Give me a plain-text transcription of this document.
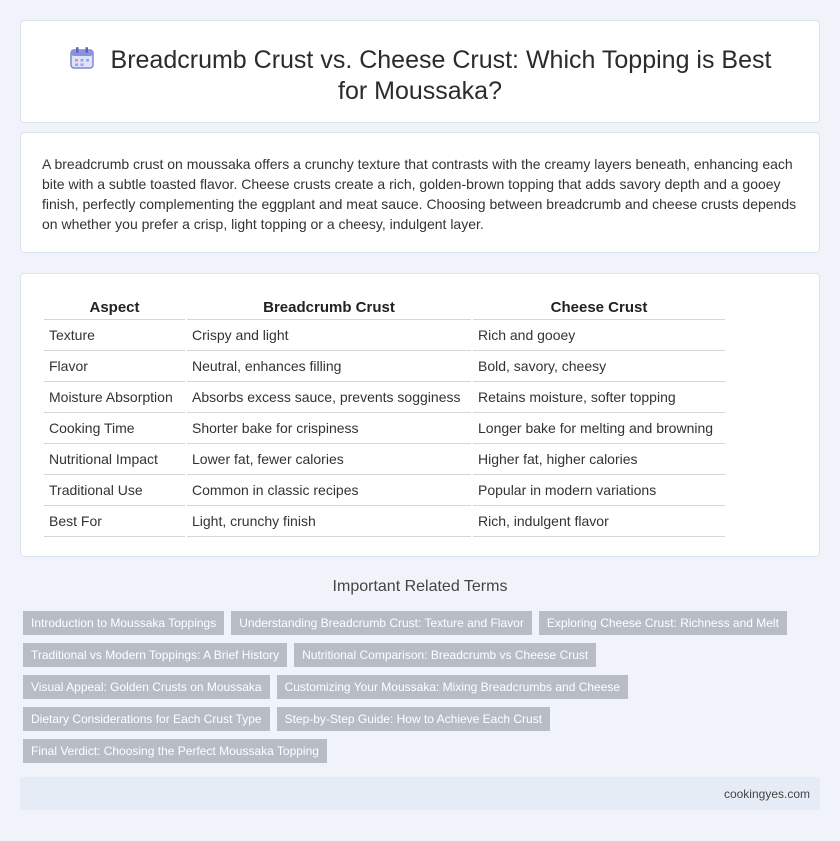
Breadcrumb Crust vs. Cheese Crust: Which Topping is Best for Moussaka?

A breadcrumb crust on moussaka offers a crunchy texture that contrasts with the creamy layers beneath, enhancing each bite with a subtle toasted flavor. Cheese crusts create a rich, golden-brown topping that adds savory depth and a gooey finish, perfectly complementing the eggplant and meat sauce. Choosing between breadcrumb and cheese crusts depends on whether you prefer a crisp, light topping or a cheesy, indulgent layer.

Aspect	Breadcrumb Crust	Cheese Crust
Texture	Crispy and light	Rich and gooey
Flavor	Neutral, enhances filling	Bold, savory, cheesy
Moisture Absorption	Absorbs excess sauce, prevents sogginess	Retains moisture, softer topping
Cooking Time	Shorter bake for crispiness	Longer bake for melting and browning
Nutritional Impact	Lower fat, fewer calories	Higher fat, higher calories
Traditional Use	Common in classic recipes	Popular in modern variations
Best For	Light, crunchy finish	Rich, indulgent flavor
Important Related Terms
Introduction to Moussaka Toppings	Understanding Breadcrumb Crust: Texture and Flavor	Exploring Cheese Crust: Richness and Melt
Traditional vs Modern Toppings: A Brief History	Nutritional Comparison: Breadcrumb vs Cheese Crust
Visual Appeal: Golden Crusts on Moussaka	Customizing Your Moussaka: Mixing Breadcrumbs and Cheese
Dietary Considerations for Each Crust Type	Step-by-Step Guide: How to Achieve Each Crust
Final Verdict: Choosing the Perfect Moussaka Topping
cookingyes.com
